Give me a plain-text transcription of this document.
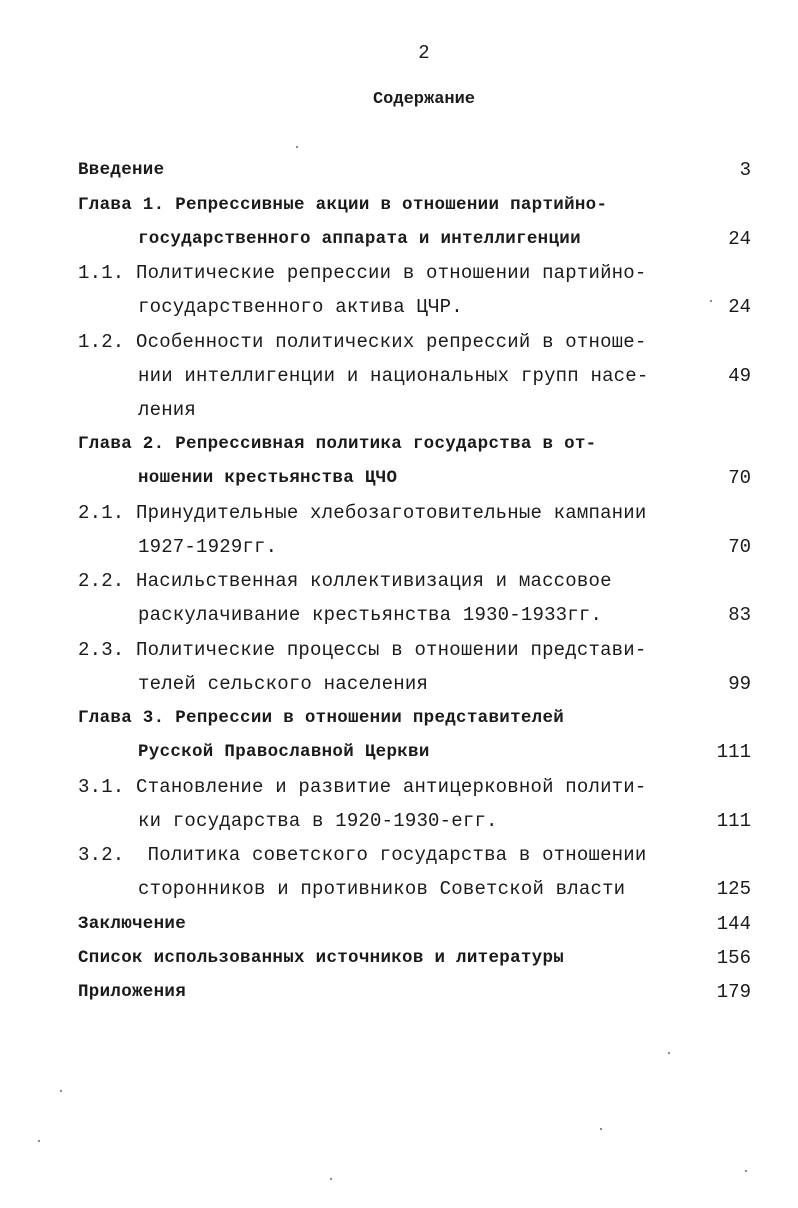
2
Содержание
Введение	3
Глава 1. Репрессивные акции в отношении партийно-
государственного аппарата и интеллигенции	24
1.1. Политические репрессии в отношении партийно-
государственного актива ЦЧР.	24
1.2. Особенности политических репрессий в отноше-
нии интеллигенции и национальных групп насе-	49
ления
Глава 2. Репрессивная политика государства в от-
ношении крестьянства ЦЧО	70
2.1. Принудительные хлебозаготовительные кампании
1927-1929гг.	70
2.2. Насильственная коллективизация и массовое
раскулачивание крестьянства 1930-1933гг.	83
2.3. Политические процессы в отношении представи-
телей сельского населения	99
Глава 3. Репрессии в отношении представителей
Русской Православной Церкви	111
3.1. Становление и развитие антицерковной полити-
ки государства в 1920-1930-егг.	111
3.2.  Политика советского государства в отношении
сторонников и противников Советской власти	125
Заключение	144
Список использованных источников и литературы	156
Приложения	179
